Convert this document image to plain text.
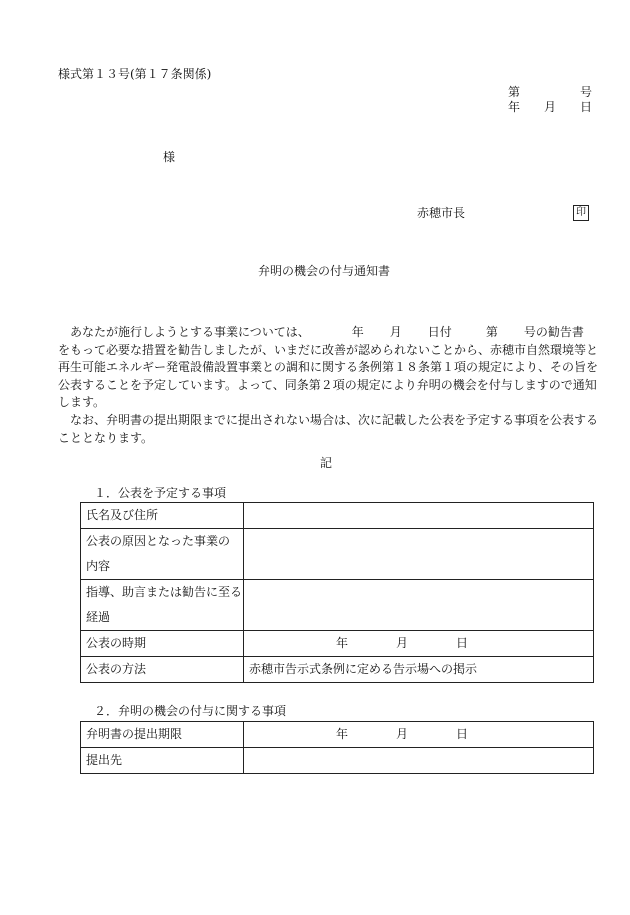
様式第１３号(第１７条関係)
第	号
年 月 日
様
赤穂市長	印
弁明の機会の付与通知書
あなたが施行しようとする事業については、	年 月 日付	第 号の勧告書
をもって必要な措置を勧告しましたが、いまだに改善が認められないことから、赤穂市自然環境等と
再生可能エネルギー発電設備設置事業との調和に関する条例第１８条第１項の規定により、その旨を
公表することを予定しています。よって、同条第２項の規定により弁明の機会を付与しますので通知
します。
なお、弁明書の提出期限までに提出されない場合は、次に記載した公表を予定する事項を公表する
こととなります。
記
１．公表を予定する事項
氏名及び住所	

公表の原因となった事業の
内容	

指導、助言または勧告に至る
経過	

公表の時期	年 月 日
公表の方法	赤穂市告示式条例に定める告示場への掲示
２．弁明の機会の付与に関する事項
弁明書の提出期限	年 月 日
提出先	
